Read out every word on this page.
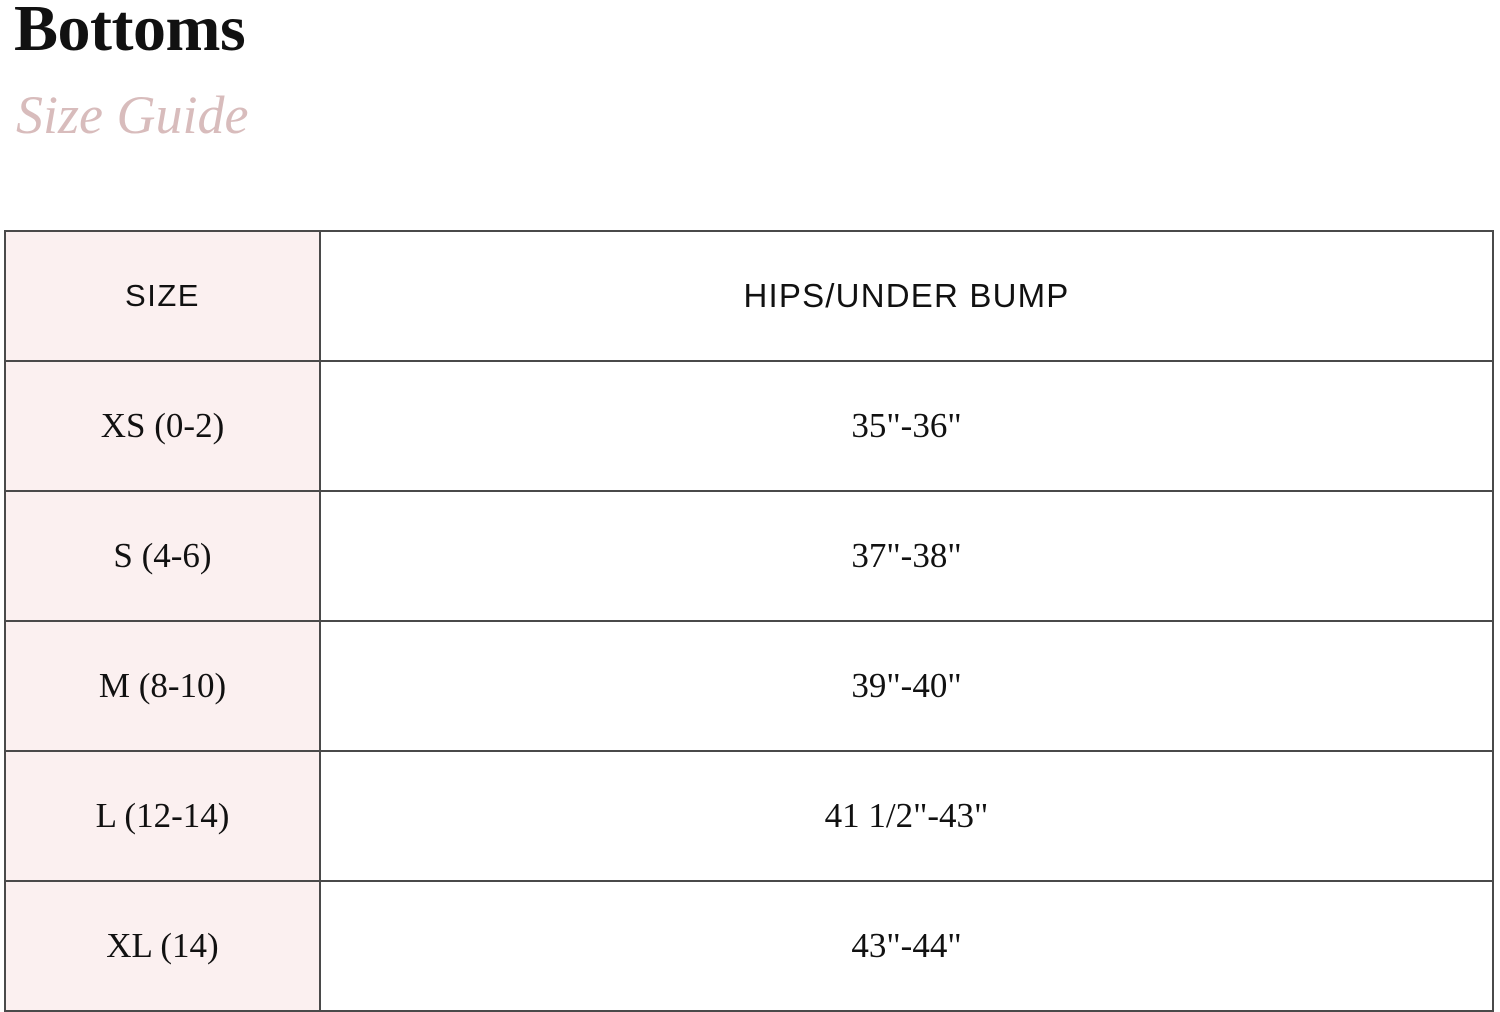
Bottoms
Size Guide
SIZE	HIPS/UNDER BUMP
XS (0-2)	35"-36"
S (4-6)	37"-38"
M (8-10)	39"-40"
L (12-14)	41 1/2"-43"
XL (14)	43"-44"
